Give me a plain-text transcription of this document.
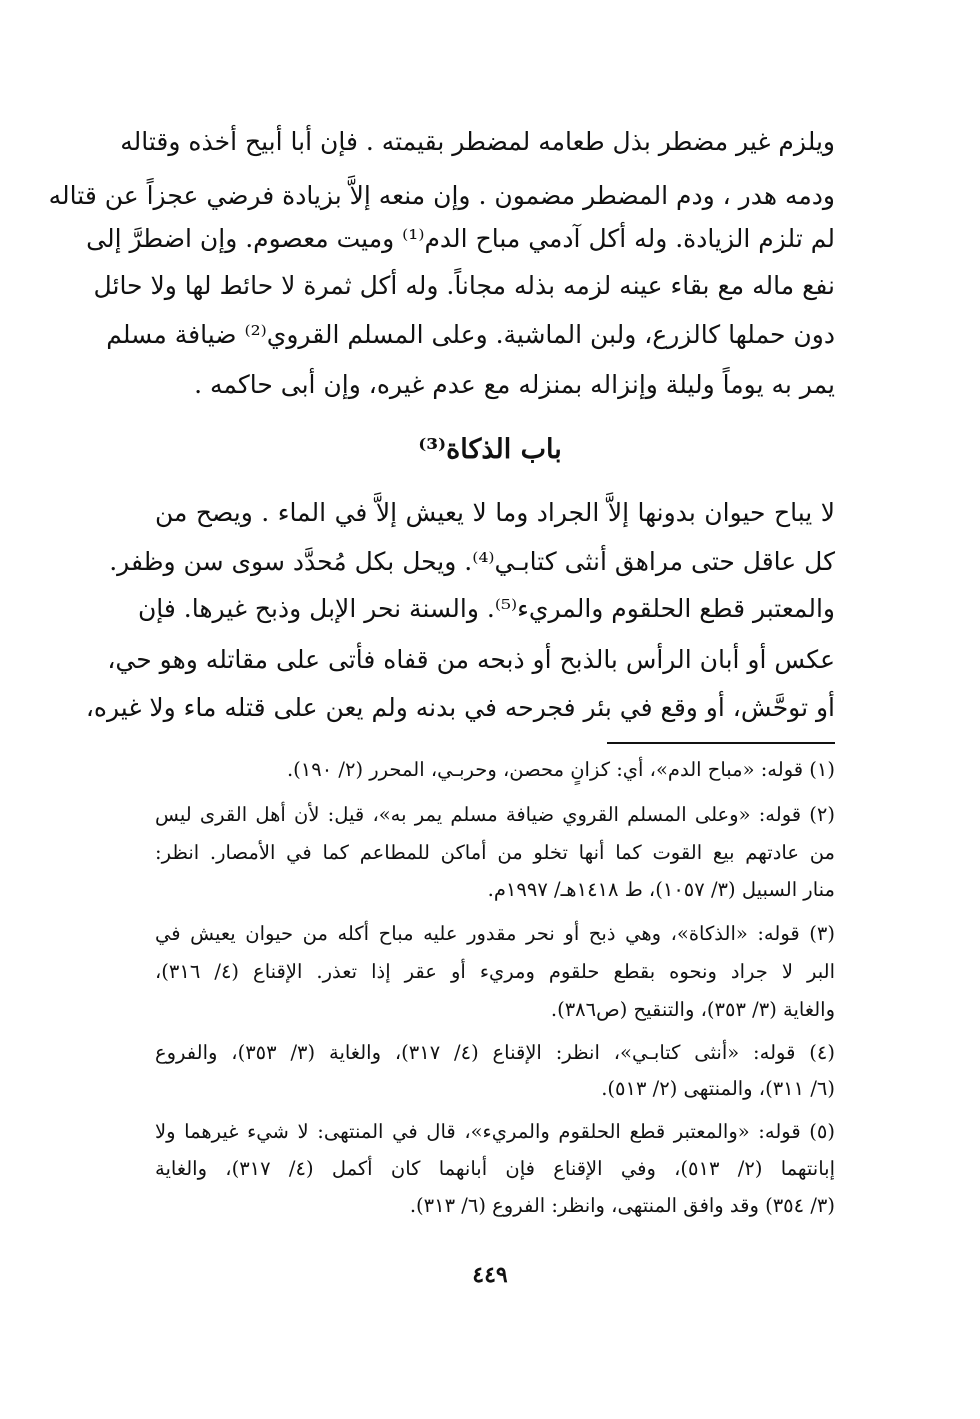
ويلزم غير مضطر بذل طعامه لمضطر بقيمته . فإن أبا أبيح أخذه وقتاله

ودمه هدر ، ودم المضطر مضمون . وإن منعه إلاَّ بزيادة فرضي عجزاً عن قتاله

لم تلزم الزيادة. وله أكل آدمي مباح الدم⁽¹⁾ وميت معصوم. وإن اضطرَّ إلى

نفع ماله مع بقاء عينه لزمه بذله مجاناً. وله أكل ثمرة لا حائط لها ولا حائل

دون حملها كالزرع، ولبن الماشية. وعلى المسلم القروي⁽²⁾ ضيافة مسلم

يمر به يوماً وليلة وإنزاله بمنزله مع عدم غيره، وإن أبى حاكمه .

باب الذكاة⁽³⁾

لا يباح حيوان بدونها إلاَّ الجراد وما لا يعيش إلاَّ في الماء . ويصح من

كل عاقل حتى مراهق أنثى كتابـي⁽⁴⁾. ويحل بكل مُحدَّد سوى سن وظفر.

والمعتبر قطع الحلقوم والمريء⁽⁵⁾. والسنة نحر الإبل وذبح غيرها. فإن

عكس أو أبان الرأس بالذبح أو ذبحه من قفاه فأتى على مقاتله وهو حي،

أو توحَّش، أو وقع في بئر فجرحه في بدنه ولم يعن على قتله ماء ولا غيره،

(١) قوله: «مباح الدم»، أي: كزانٍ محصن، وحربـي، المحرر (٢/ ١٩٠).

(٢) قوله: «وعلى المسلم القروي ضيافة مسلم يمر به»، قيل: لأن أهل القرى ليس

من عادتهم بيع القوت كما أنها تخلو من أماكن للمطاعم كما في الأمصار. انظر:

منار السبيل (٣/ ١٠٥٧)، ط ١٤١٨هـ/ ١٩٩٧م.

(٣) قوله: «الذكاة»، وهي ذبح أو نحر مقدور عليه مباح أكله من حيوان يعيش في

البر لا جراد ونحوه بقطع حلقوم ومريء أو عقر إذا تعذر. الإقناع (٤/ ٣١٦)،

والغاية (٣/ ٣٥٣)، والتنقيح (ص٣٨٦).

(٤) قوله: «أنثى كتابـي»، انظر: الإقناع (٤/ ٣١٧)، والغاية (٣/ ٣٥٣)، والفروع

(٦/ ٣١١)، والمنتهى (٢/ ٥١٣).

(٥) قوله: «والمعتبر قطع الحلقوم والمريء»، قال في المنتهى: لا شيء غيرهما ولا

إبانتهما (٢/ ٥١٣)، وفي الإقناع فإن أبانهما كان أكمل (٤/ ٣١٧)، والغاية

(٣/ ٣٥٤) وقد وافق المنتهى، وانظر: الفروع (٦/ ٣١٣).

٤٤٩
